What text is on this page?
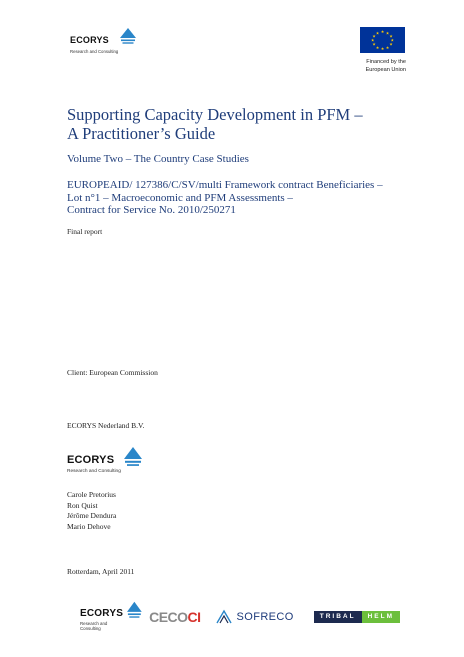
ECORYS
Research and Consulting
★ ★
★
★
★
★
★
★
★
★
★
★
Financed by the
European Union
Supporting Capacity Development in PFM –
A Practitioner’s Guide
Volume Two – The Country Case Studies
EUROPEAID/ 127386/C/SV/multi Framework contract Beneficiaries –
Lot n°1 – Macroeconomic and PFM Assessments –
Contract for Service No. 2010/250271
Final report
Client: European Commission
ECORYS Nederland B.V.
ECORYS
Research and Consulting
Carole Pretorius
Ron Quist
Jérôme Dendura
Mario Dehove
Rotterdam, April 2011
ECORYS
Research and Consulting
CECO CI	SOFRECO	TRIBAL	HELM
